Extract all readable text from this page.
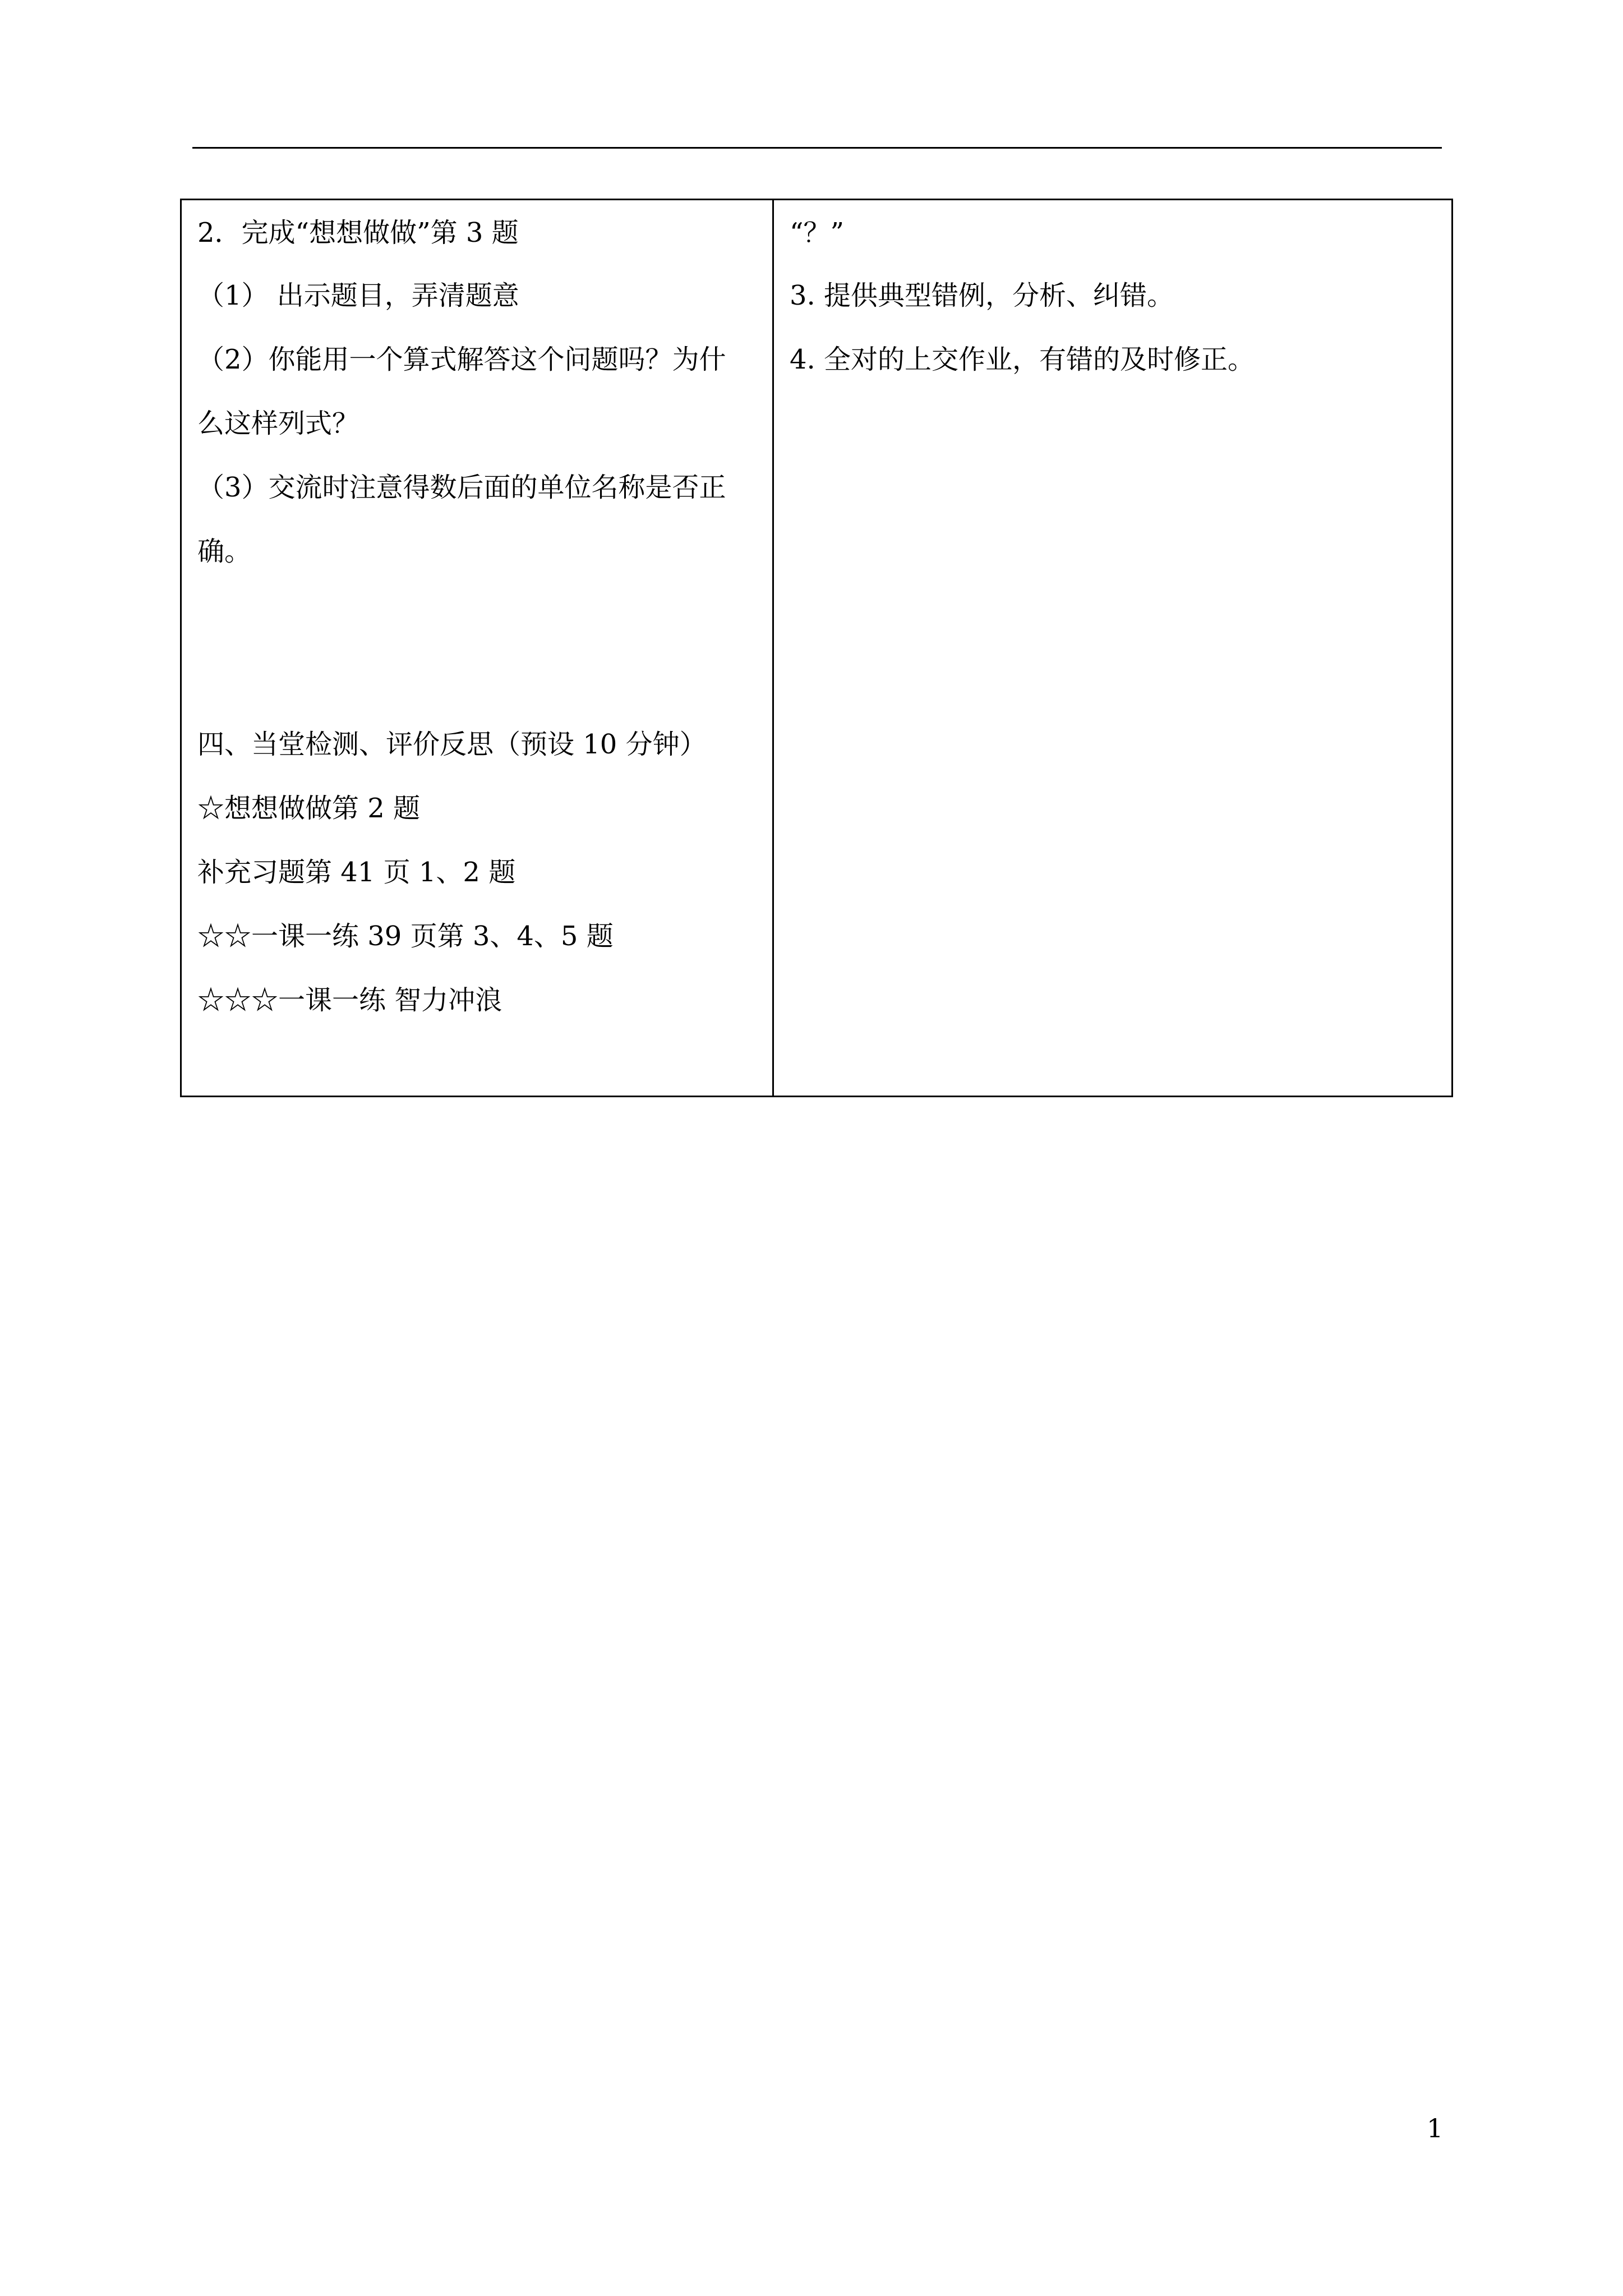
2．完成“想想做做”第 3 题
（1） 出示题目，弄清题意
（2）你能用一个算式解答这个问题吗？为什
么这样列式？
（3）交流时注意得数后面的单位名称是否正
确。
四、当堂检测、评价反思（预设 10 分钟）
☆想想做做第 2 题
补充习题第 41 页 1、2 题
☆☆一课一练 39 页第 3、4、5 题
☆☆☆一课一练 智力冲浪
“？”
3. 提供典型错例，分析、纠错。
4. 全对的上交作业，有错的及时修正。
1
